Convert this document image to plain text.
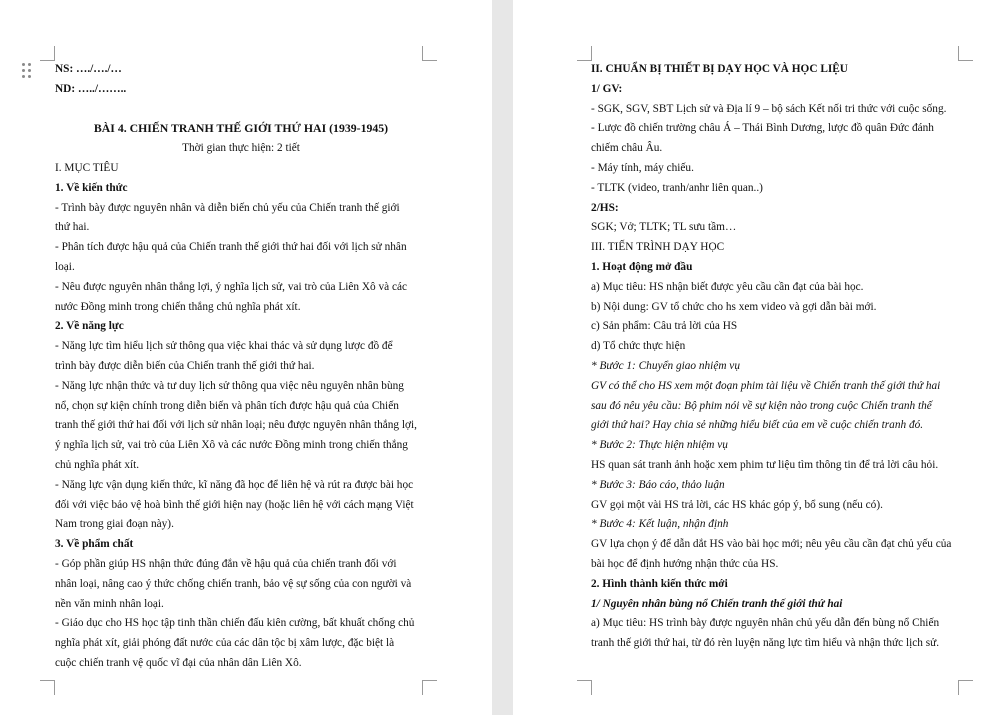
NS: …./…./…
ND: …../……..
BÀI 4. CHIẾN TRANH THẾ GIỚI THỨ HAI (1939-1945)
Thời gian thực hiện: 2 tiết
I. MỤC TIÊU
1. Về kiến thức
- Trình bày được nguyên nhân và diễn biến chủ yếu của Chiến tranh thế giới
thứ hai.
- Phân tích được hậu quả của Chiến tranh thế giới thứ hai đối với lịch sử nhân
loại.
- Nêu được nguyên nhân thắng lợi, ý nghĩa lịch sử, vai trò của Liên Xô và các
nước Đồng minh trong chiến thắng chủ nghĩa phát xít.
2. Về năng lực
- Năng lực tìm hiểu lịch sử thông qua việc khai thác và sử dụng lược đồ để
trình bày được diễn biến của Chiến tranh thế giới thứ hai.
- Năng lực nhận thức và tư duy lịch sử thông qua việc nêu nguyên nhân bùng
nổ, chọn sự kiện chính trong diễn biến và phân tích được hậu quả của Chiến
tranh thế giới thứ hai đối với lịch sử nhân loại; nêu được nguyên nhân thắng lợi,
ý nghĩa lịch sử, vai trò của Liên Xô và các nước Đồng minh trong chiến thắng
chủ nghĩa phát xít.
- Năng lực vận dụng kiến thức, kĩ năng đã học để liên hệ và rút ra được bài học
đối với việc bảo vệ hoà bình thế giới hiện nay (hoặc liên hệ với cách mạng Việt
Nam trong giai đoạn này).
3. Về phẩm chất
- Góp phần giúp HS nhận thức đúng đắn về hậu quả của chiến tranh đối với
nhân loại, nâng cao ý thức chống chiến tranh, bảo vệ sự sống của con người và
nền văn minh nhân loại.
- Giáo dục cho HS học tập tinh thần chiến đấu kiên cường, bất khuất chống chủ
nghĩa phát xít, giải phóng đất nước của các dân tộc bị xâm lược, đặc biệt là
cuộc chiến tranh vệ quốc vĩ đại của nhân dân Liên Xô.
II. CHUẨN BỊ THIẾT BỊ DẠY HỌC VÀ HỌC LIỆU
1/ GV:
- SGK, SGV, SBT Lịch sử và Địa lí 9 – bộ sách Kết nối tri thức với cuộc sống.
- Lược đồ chiến trường châu Á – Thái Bình Dương, lược đồ quân Đức đánh
chiếm châu Âu.
- Máy tính, máy chiếu.
- TLTK (video, tranh/anhr liên quan..)
2/HS:
SGK; Vở; TLTK; TL sưu tầm…
III. TIẾN TRÌNH DẠY HỌC
1. Hoạt động mở đầu
a) Mục tiêu: HS nhận biết được yêu cầu cần đạt của bài học.
b) Nội dung: GV tổ chức cho hs xem video và gợi dẫn bài mới.
c) Sản phẩm: Câu trả lời của HS
d) Tổ chức thực hiện
* Bước 1: Chuyển giao nhiệm vụ
GV có thể cho HS xem một đoạn phim tài liệu về Chiến tranh thế giới thứ hai
sau đó nêu yêu cầu: Bộ phim nói về sự kiện nào trong cuộc Chiến tranh thế
giới thứ hai? Hay chia sẻ những hiểu biết của em về cuộc chiến tranh đó.
* Bước 2: Thực hiện nhiệm vụ
HS quan sát tranh ảnh hoặc xem phim tư liệu tìm thông tin để trả lời câu hỏi.
* Bước 3: Báo cáo, thảo luận
GV gọi một vài HS trả lời, các HS khác góp ý, bổ sung (nếu có).
* Bước 4: Kết luận, nhận định
GV lựa chọn ý để dẫn dắt HS vào bài học mới; nêu yêu cầu cần đạt chủ yếu của
bài học để định hướng nhận thức của HS.
2. Hình thành kiến thức mới
1/ Nguyên nhân bùng nổ Chiến tranh thế giới thứ hai
a) Mục tiêu: HS trình bày được nguyên nhân chủ yếu dẫn đến bùng nổ Chiến
tranh thế giới thứ hai, từ đó rèn luyện năng lực tìm hiểu và nhận thức lịch sử.
